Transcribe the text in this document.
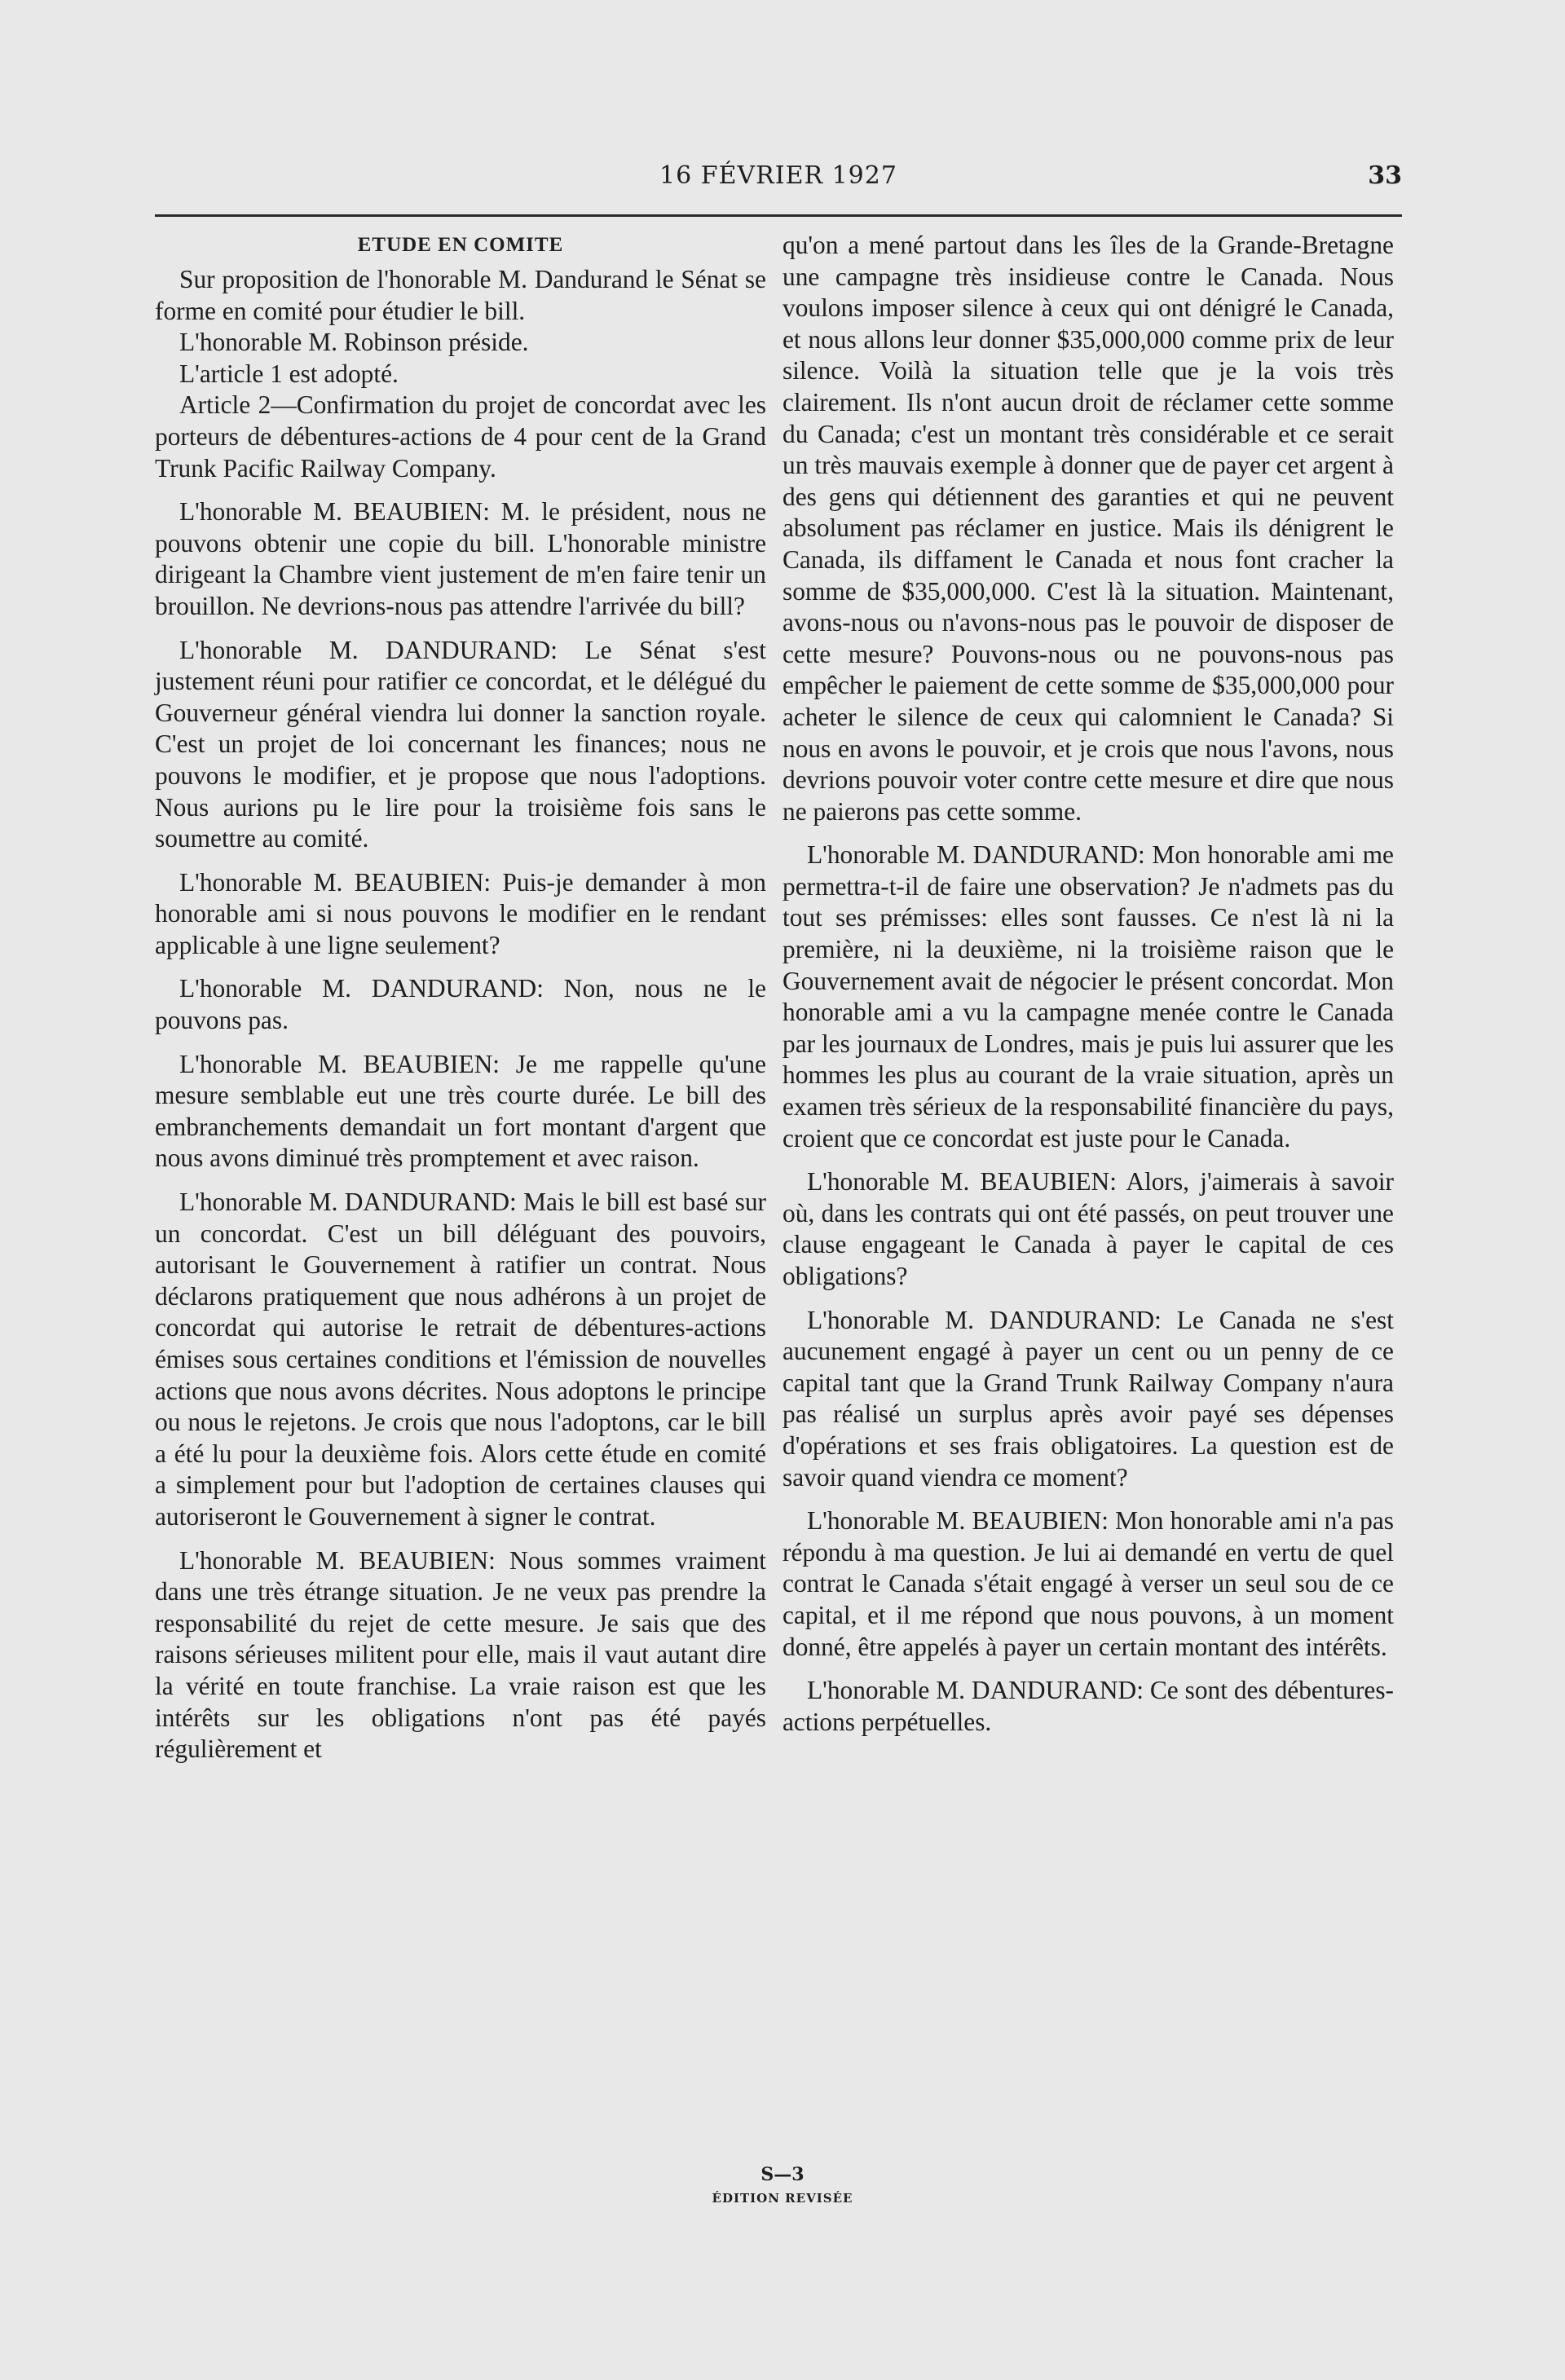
16 FÉVRIER 1927	33
ETUDE EN COMITE

Sur proposition de l'honorable M. Dandurand le Sénat se forme en comité pour étudier le bill.

L'honorable M. Robinson préside.

L'article 1 est adopté.

Article 2—Confirmation du projet de concordat avec les porteurs de débentures-actions de 4 pour cent de la Grand Trunk Pacific Railway Company.

L'honorable M. BEAUBIEN: M. le président, nous ne pouvons obtenir une copie du bill. L'honorable ministre dirigeant la Chambre vient justement de m'en faire tenir un brouillon. Ne devrions-nous pas attendre l'arrivée du bill?

L'honorable M. DANDURAND: Le Sénat s'est justement réuni pour ratifier ce concordat, et le délégué du Gouverneur général viendra lui donner la sanction royale. C'est un projet de loi concernant les finances; nous ne pouvons le modifier, et je propose que nous l'adoptions. Nous aurions pu le lire pour la troisième fois sans le soumettre au comité.

L'honorable M. BEAUBIEN: Puis-je demander à mon honorable ami si nous pouvons le modifier en le rendant applicable à une ligne seulement?

L'honorable M. DANDURAND: Non, nous ne le pouvons pas.

L'honorable M. BEAUBIEN: Je me rappelle qu'une mesure semblable eut une très courte durée. Le bill des embranchements demandait un fort montant d'argent que nous avons diminué très promptement et avec raison.

L'honorable M. DANDURAND: Mais le bill est basé sur un concordat. C'est un bill déléguant des pouvoirs, autorisant le Gouvernement à ratifier un contrat. Nous déclarons pratiquement que nous adhérons à un projet de concordat qui autorise le retrait de débentures-actions émises sous certaines conditions et l'émission de nouvelles actions que nous avons décrites. Nous adoptons le principe ou nous le rejetons. Je crois que nous l'adoptons, car le bill a été lu pour la deuxième fois. Alors cette étude en comité a simplement pour but l'adoption de certaines clauses qui autoriseront le Gouvernement à signer le contrat.

L'honorable M. BEAUBIEN: Nous sommes vraiment dans une très étrange situation. Je ne veux pas prendre la responsabilité du rejet de cette mesure. Je sais que des raisons sérieuses militent pour elle, mais il vaut autant dire la vérité en toute franchise. La vraie raison est que les intérêts sur les obligations n'ont pas été payés régulièrement et

qu'on a mené partout dans les îles de la Grande-Bretagne une campagne très insidieuse contre le Canada. Nous voulons imposer silence à ceux qui ont dénigré le Canada, et nous allons leur donner $35,000,000 comme prix de leur silence. Voilà la situation telle que je la vois très clairement. Ils n'ont aucun droit de réclamer cette somme du Canada; c'est un montant très considérable et ce serait un très mauvais exemple à donner que de payer cet argent à des gens qui détiennent des garanties et qui ne peuvent absolument pas réclamer en justice. Mais ils dénigrent le Canada, ils diffament le Canada et nous font cracher la somme de $35,000,000. C'est là la situation. Maintenant, avons-nous ou n'avons-nous pas le pouvoir de disposer de cette mesure? Pouvons-nous ou ne pouvons-nous pas empêcher le paiement de cette somme de $35,000,000 pour acheter le silence de ceux qui calomnient le Canada? Si nous en avons le pouvoir, et je crois que nous l'avons, nous devrions pouvoir voter contre cette mesure et dire que nous ne paierons pas cette somme.

L'honorable M. DANDURAND: Mon honorable ami me permettra-t-il de faire une observation? Je n'admets pas du tout ses prémisses: elles sont fausses. Ce n'est là ni la première, ni la deuxième, ni la troisième raison que le Gouvernement avait de négocier le présent concordat. Mon honorable ami a vu la campagne menée contre le Canada par les journaux de Londres, mais je puis lui assurer que les hommes les plus au courant de la vraie situation, après un examen très sérieux de la responsabilité financière du pays, croient que ce concordat est juste pour le Canada.

L'honorable M. BEAUBIEN: Alors, j'aimerais à savoir où, dans les contrats qui ont été passés, on peut trouver une clause engageant le Canada à payer le capital de ces obligations?

L'honorable M. DANDURAND: Le Canada ne s'est aucunement engagé à payer un cent ou un penny de ce capital tant que la Grand Trunk Railway Company n'aura pas réalisé un surplus après avoir payé ses dépenses d'opérations et ses frais obligatoires. La question est de savoir quand viendra ce moment?

L'honorable M. BEAUBIEN: Mon honorable ami n'a pas répondu à ma question. Je lui ai demandé en vertu de quel contrat le Canada s'était engagé à verser un seul sou de ce capital, et il me répond que nous pouvons, à un moment donné, être appelés à payer un certain montant des intérêts.

L'honorable M. DANDURAND: Ce sont des débentures-actions perpétuelles.

S—3
ÉDITION REVISÉE
